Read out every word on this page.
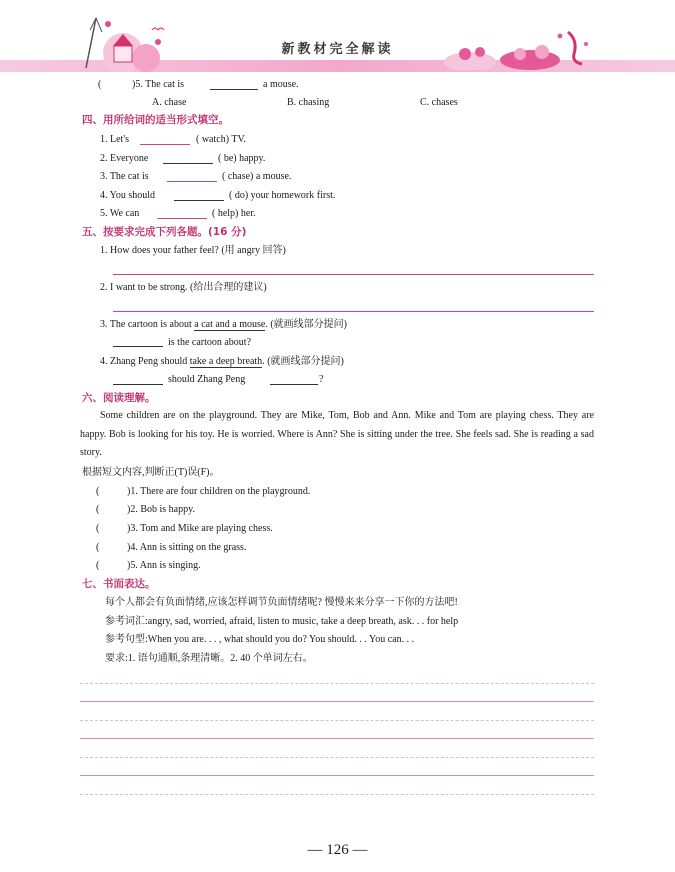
新教材完全解读
(	)5. The cat is	a mouse.
A. chase	B. chasing	C. chases
四、用所给词的适当形式填空。
1. Let's	( watch) TV.
2. Everyone	( be) happy.
3. The cat is	( chase) a mouse.
4. You should	( do) your homework first.
5. We can	( help) her.
五、按要求完成下列各题。(16 分)
1. How does your father feel? (用 angry 回答)
2. I want to be strong. (给出合理的建议)
3. The cartoon is about a cat and a mouse. (就画线部分提问)
is the cartoon about?
4. Zhang Peng should take a deep breath. (就画线部分提问)
should Zhang Peng	?
六、阅读理解。
Some children are on the playground. They are Mike, Tom, Bob and Ann. Mike and Tom are playing chess. They are happy. Bob is looking for his toy. He is worried. Where is Ann? She is sitting under the tree. She feels sad. She is reading a sad story.
根据短文内容,判断正(T)误(F)。
(	)1. There are four children on the playground.
(	)2. Bob is happy.
(	)3. Tom and Mike are playing chess.
(	)4. Ann is sitting on the grass.
(	)5. Ann is singing.
七、书面表达。
每个人都会有负面情绪,应该怎样调节负面情绪呢? 慢慢来来分享一下你的方法吧!
参考词汇:angry, sad, worried, afraid, listen to music, take a deep breath, ask. . . for help
参考句型:When you are. . . , what should you do? You should. . . You can. . .
要求:1. 语句通顺,条理清晰。2. 40 个单词左右。
— 126 —
